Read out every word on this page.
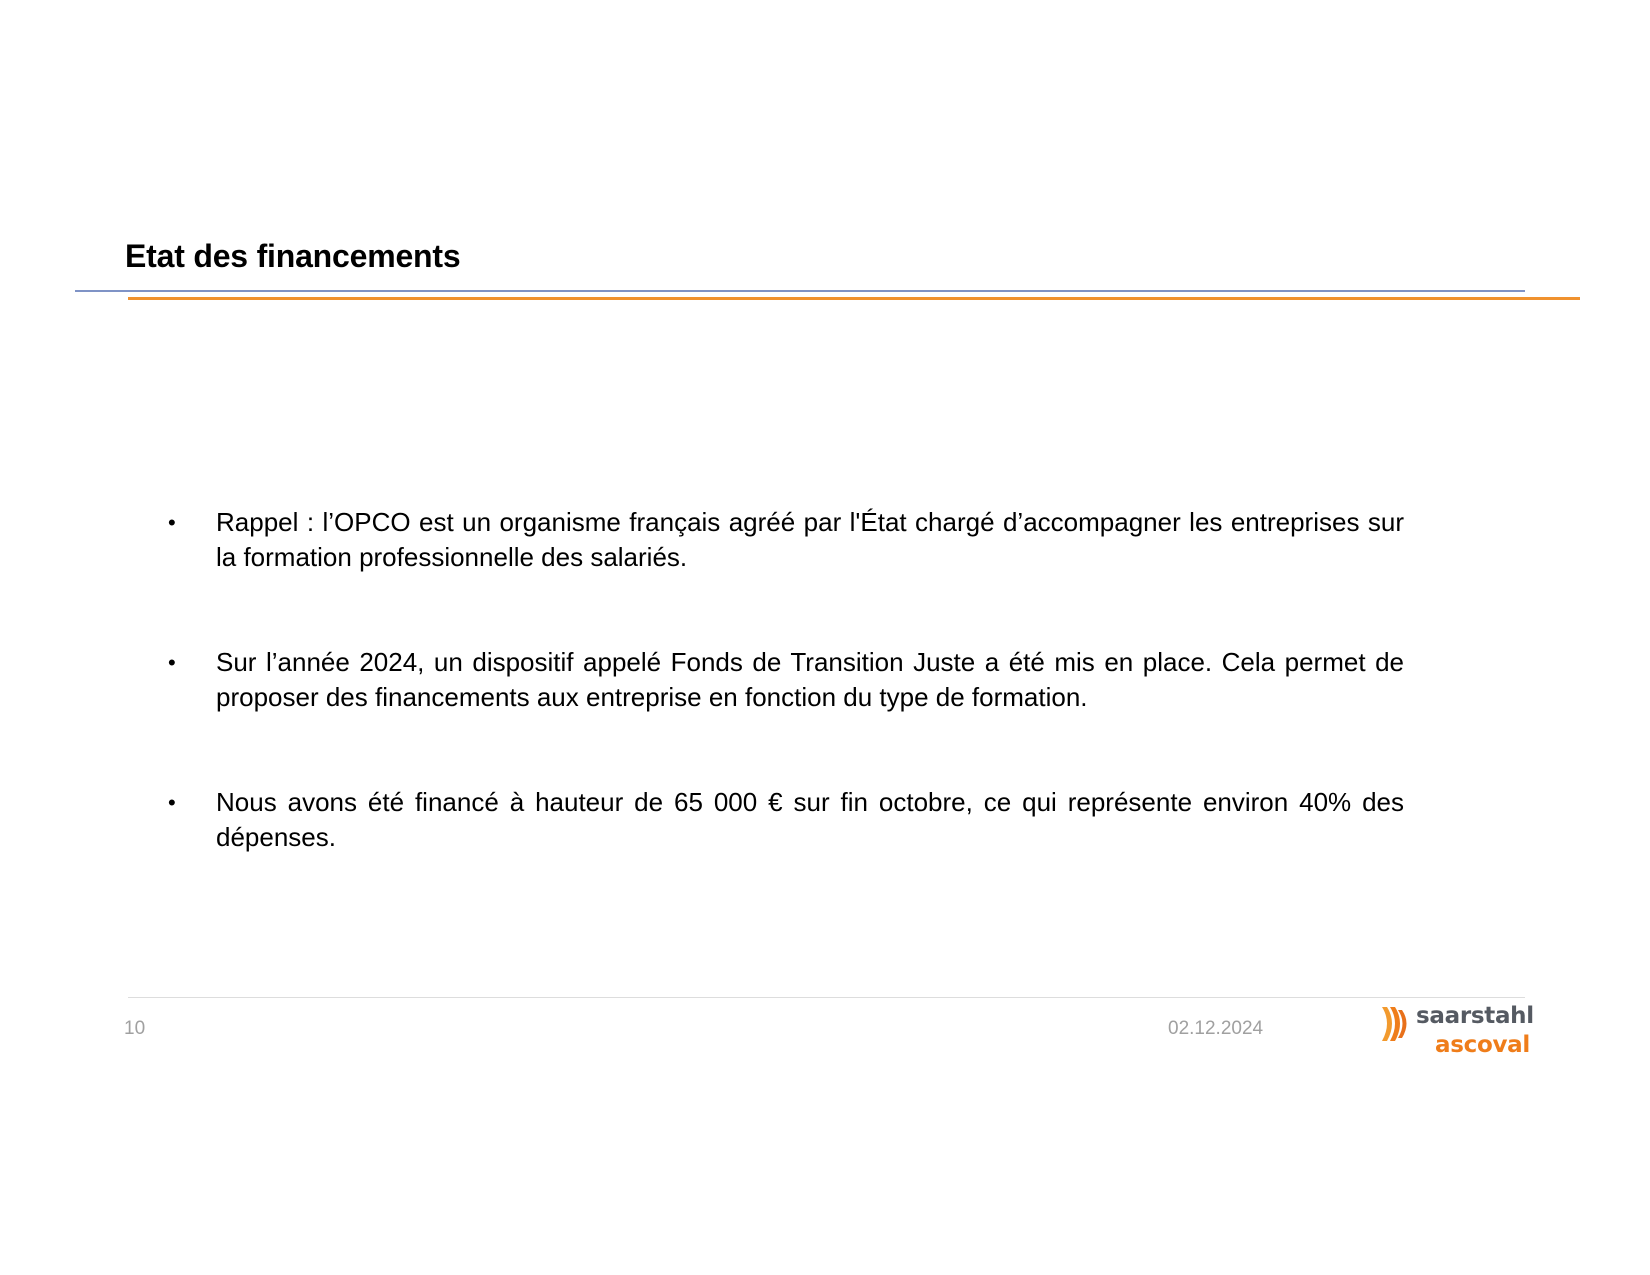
Etat des financements
•	Rappel : l’OPCO est un organisme français agréé par l'État chargé d’accompagner les entreprises sur la formation professionnelle des salariés.
•	Sur l’année 2024, un dispositif appelé Fonds de Transition Juste a été mis en place. Cela permet de proposer des financements aux entreprise en fonction du type de formation.
•	Nous avons été financé à hauteur de 65 000 € sur fin octobre, ce qui représente environ 40% des dépenses.
10	02.12.2024	saarstahl
ascoval
